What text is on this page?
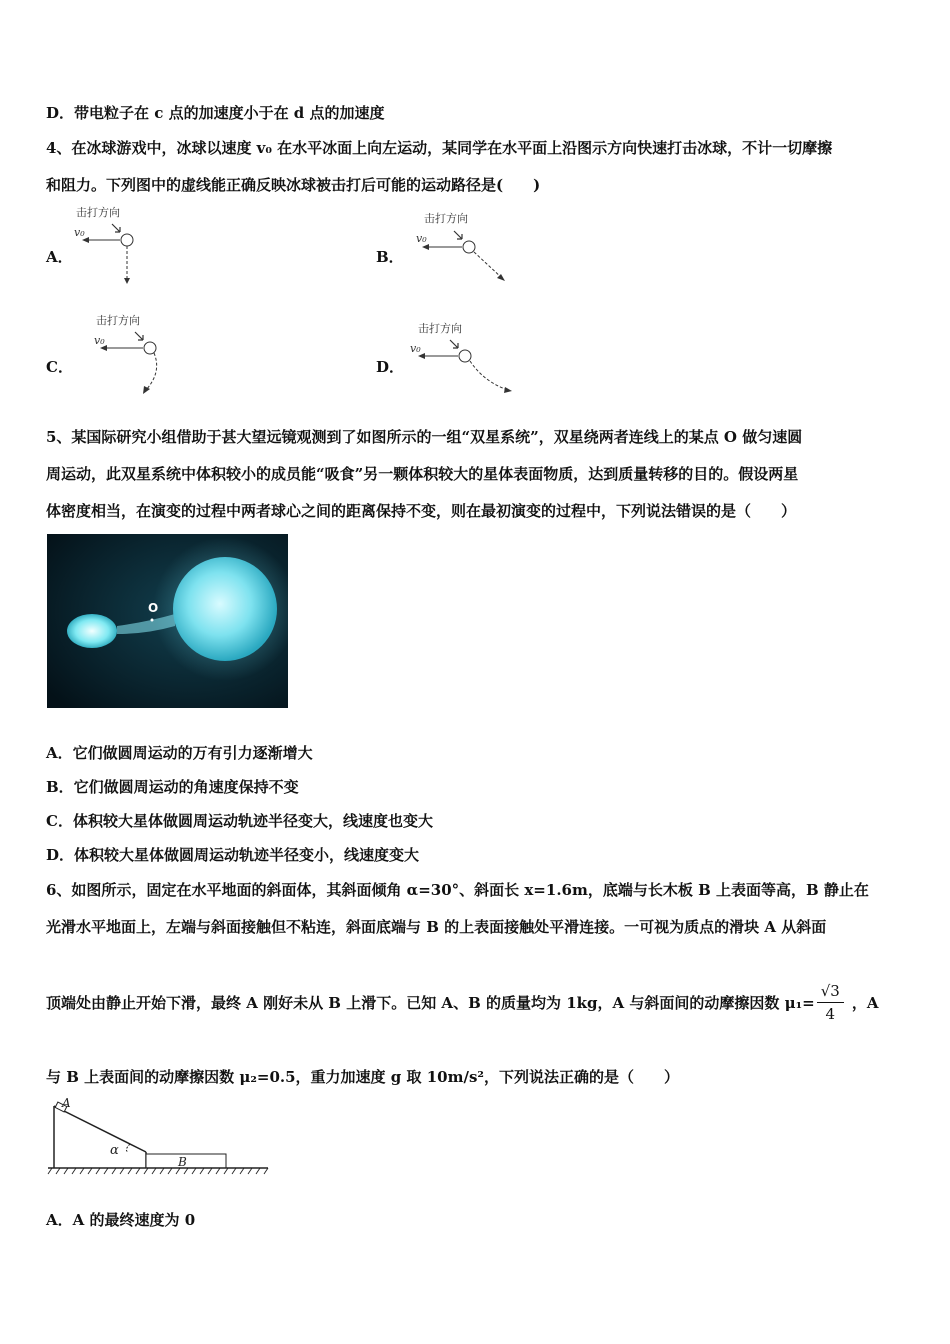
D．带电粒子在 c 点的加速度小于在 d 点的加速度
4、在冰球游戏中，冰球以速度 v₀ 在水平冰面上向左运动，某同学在水平面上沿图示方向快速打击冰球，不计一切摩擦
和阻力。下列图中的虚线能正确反映冰球被击打后可能的运动路径是(　　)
A．
击打方向
v₀
B．
击打方向
v₀
C．
击打方向
v₀
D．
击打方向
v₀
5、某国际研究小组借助于甚大望远镜观测到了如图所示的一组“双星系统”，双星绕两者连线上的某点 O 做匀速圆
周运动，此双星系统中体积较小的成员能“吸食”另一颗体积较大的星体表面物质，达到质量转移的目的。假设两星
体密度相当，在演变的过程中两者球心之间的距离保持不变，则在最初演变的过程中，下列说法错误的是（　　）
O
A．它们做圆周运动的万有引力逐渐增大
B．它们做圆周运动的角速度保持不变
C．体积较大星体做圆周运动轨迹半径变大，线速度也变大
D．体积较大星体做圆周运动轨迹半径变小，线速度变大
6、如图所示，固定在水平地面的斜面体，其斜面倾角 α=30°、斜面长 x=1.6m，底端与长木板 B 上表面等高，B 静止在
光滑水平地面上，左端与斜面接触但不粘连，斜面底端与 B 的上表面接触处平滑连接。一可视为质点的滑块 A 从斜面
顶端处由静止开始下滑，最终 A 刚好未从 B 上滑下。已知 A、B 的质量均为 1kg，A 与斜面间的动摩擦因数 $\mu_1= \frac{√3}{4}$ ，A
与 B 上表面间的动摩擦因数 μ₂=0.5，重力加速度 g 取 10m/s²，下列说法正确的是（　　）
A
α
B
A．A 的最终速度为 0
